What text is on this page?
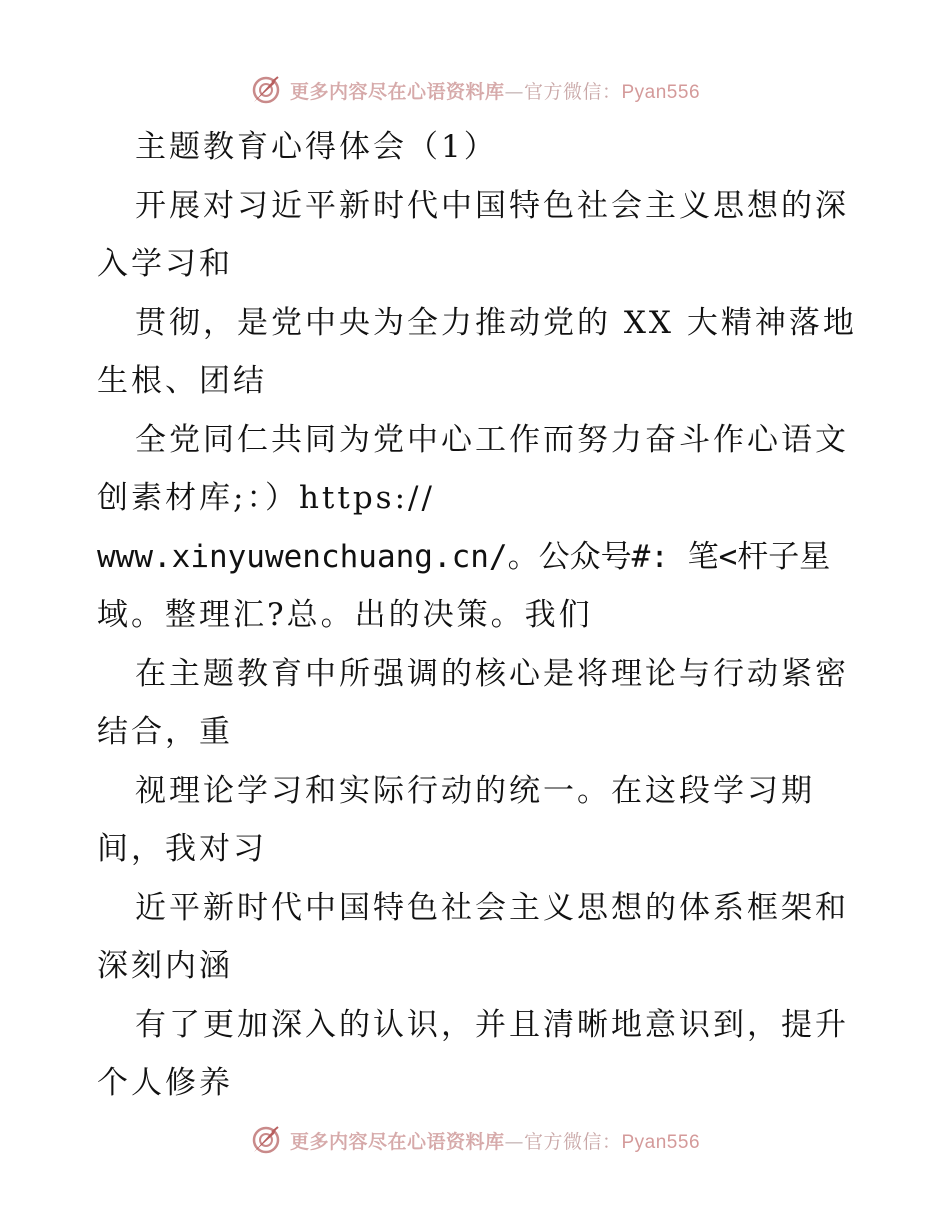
更多内容尽在心语资料库—官方微信：Pyan556
主题教育心得体会（1）
开展对习近平新时代中国特色社会主义思想的深
入学习和
贯彻，是党中央为全力推动党的 XX 大精神落地
生根、团结
全党同仁共同为党中心工作而努力奋斗作心语文
创素材库;：）https://
www.xinyuwenchuang.cn/。公众号#: 笔<杆子星
域。整理汇?总。出的决策。我们
在主题教育中所强调的核心是将理论与行动紧密
结合，重
视理论学习和实际行动的统一。在这段学习期
间，我对习
近平新时代中国特色社会主义思想的体系框架和
深刻内涵
有了更加深入的认识，并且清晰地意识到，提升
个人修养
更多内容尽在心语资料库—官方微信：Pyan556
